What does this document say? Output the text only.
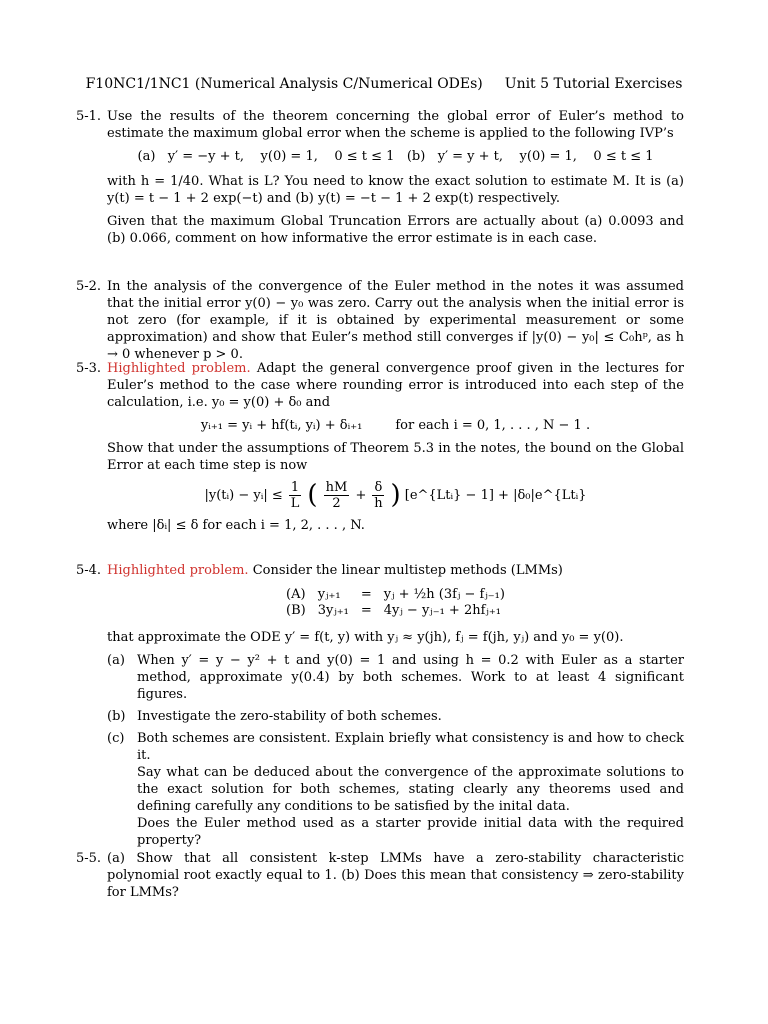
F10NC1/1NC1 (Numerical Analysis C/Numerical ODEs) Unit 5 Tutorial Exercises
5-1. Use the results of the theorem concerning the global error of Euler’s method to estimate the maximum global error when the scheme is applied to the following IVP’s

(a)   y′ = −y + t,    y(0) = 1,    0 ≤ t ≤ 1 (b)   y′ = y + t,    y(0) = 1,    0 ≤ t ≤ 1

with h = 1/40. What is L? You need to know the exact solution to estimate M. It is (a) y(t) = t − 1 + 2 exp(−t) and (b) y(t) = −t − 1 + 2 exp(t) respectively.

Given that the maximum Global Truncation Errors are actually about (a) 0.0093 and (b) 0.066, comment on how informative the error estimate is in each case.

5-2. In the analysis of the convergence of the Euler method in the notes it was assumed that the initial error y(0) − y₀ was zero. Carry out the analysis when the initial error is not zero (for example, if it is obtained by experimental measurement or some approximation) and show that Euler’s method still converges if |y(0) − y₀| ≤ C₀hᵖ, as h → 0 whenever p > 0.

5-3. Highlighted problem. Adapt the general convergence proof given in the lectures for Euler’s method to the case where rounding error is introduced into each step of the calculation, i.e. y₀ = y(0) + δ₀ and

yᵢ₊₁ = yᵢ + hf(tᵢ, yᵢ) + δᵢ₊₁        for each i = 0, 1, . . . , N − 1 .

Show that under the assumptions of Theorem 5.3 in the notes, the bound on the Global Error at each time step is now

|y(tᵢ) − yᵢ| ≤ $\frac{1}{L}$ ( $\frac{hM}{2} + \frac{\delta}{h}$ ) [e^{Ltᵢ} − 1] + |δ₀|e^{Ltᵢ}

where |δᵢ| ≤ δ for each i = 1, 2, . . . , N.

5-4. Highlighted problem. Consider the linear multistep methods (LMMs)

(A)	yⱼ₊₁	=	yⱼ + ½h (3fⱼ − fⱼ₋₁)
(B)	3yⱼ₊₁	=	4yⱼ − yⱼ₋₁ + 2hfⱼ₊₁

that approximate the ODE y′ = f(t, y) with yⱼ ≈ y(jh), fⱼ = f(jh, yⱼ) and y₀ = y(0).

(a) When y′ = y − y² + t and y(0) = 1 and using h = 0.2 with Euler as a starter method, approximate y(0.4) by both schemes. Work to at least 4 significant figures.

(b) Investigate the zero-stability of both schemes.

(c) Both schemes are consistent. Explain briefly what consistency is and how to check it.

Say what can be deduced about the convergence of the approximate solutions to the exact solution for both schemes, stating clearly any theorems used and defining carefully any conditions to be satisfied by the inital data.

Does the Euler method used as a starter provide initial data with the required property?

5-5. (a) Show that all consistent k-step LMMs have a zero-stability characteristic polynomial root exactly equal to 1. (b) Does this mean that consistency ⇒ zero-stability for LMMs?
